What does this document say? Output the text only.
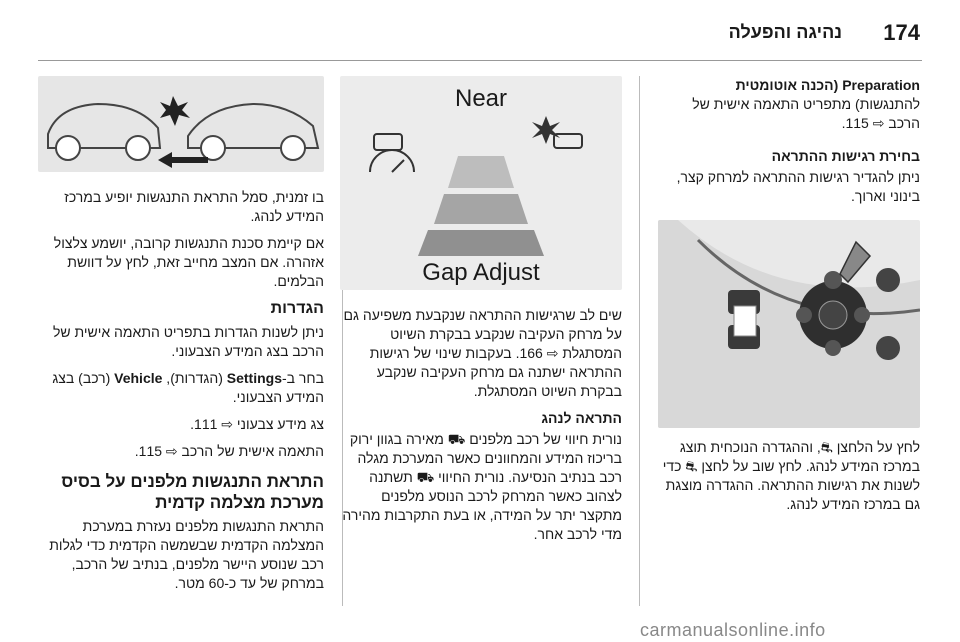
174
נהיגה והפעלה

Preparation (הכנה אוטומטית
להתנגשות) מתפריט התאמה אישית של
הרכב ⇨ 115.

בחירת רגישות ההתראה

ניתן להגדיר רגישות ההתראה למרחק קצר, בינוני וארוך.

לחץ על הלחצן ⛐, וההגדרה הנוכחית תוצג במרכז המידע לנהג. לחץ שוב על לחצן ⛐ כדי לשנות את רגישות ההתראה. ההגדרה מוצגת גם במרכז המידע לנהג.

Near
Gap Adjust

שים לב שרגישות ההתראה שנקבעת משפיעה גם על מרחק העקיבה שנקבע בבקרת השיוט המסתגלת ⇨ 166. בעקבות שינוי של רגישות ההתראה ישתנה גם מרחק העקיבה שנקבע בבקרת השיוט המסתגלת.

התראה לנהג

נורית חיווי של רכב מלפנים ⛟ מאירה בגוון ירוק בריכוז המידע והמחוונים כאשר המערכת מגלה רכב בנתיב הנסיעה. נורית החיווי ⛟ תשתנה לצהוב כאשר המרחק לרכב הנוסע מלפנים מתקצר יתר על המידה, או בעת התקרבות מהירה מדי לרכב אחר.

בו זמנית, סמל התראת התנגשות יופיע במרכז המידע לנהג.

אם קיימת סכנת התנגשות קרובה, יושמע צלצול אזהרה. אם המצב מחייב זאת, לחץ על דוושת הבלמים.

הגדרות

ניתן לשנות הגדרות בתפריט התאמה אישית של הרכב בצג המידע הצבעוני.

בחר ב-Settings (הגדרות), Vehicle (רכב) בצג המידע הצבעוני.

צג מידע צבעוני ⇨ 111.

התאמה אישית של הרכב ⇨ 115.

התראת התנגשות מלפנים על בסיס
מערכת מצלמה קדמית

התראת התנגשות מלפנים נעזרת במערכת המצלמה הקדמית שבשמשה הקדמית כדי לגלות רכב שנוסע היישר מלפנים, בנתיב של הרכב, במרחק של עד כ-60 מטר.

carmanualsonline.info
